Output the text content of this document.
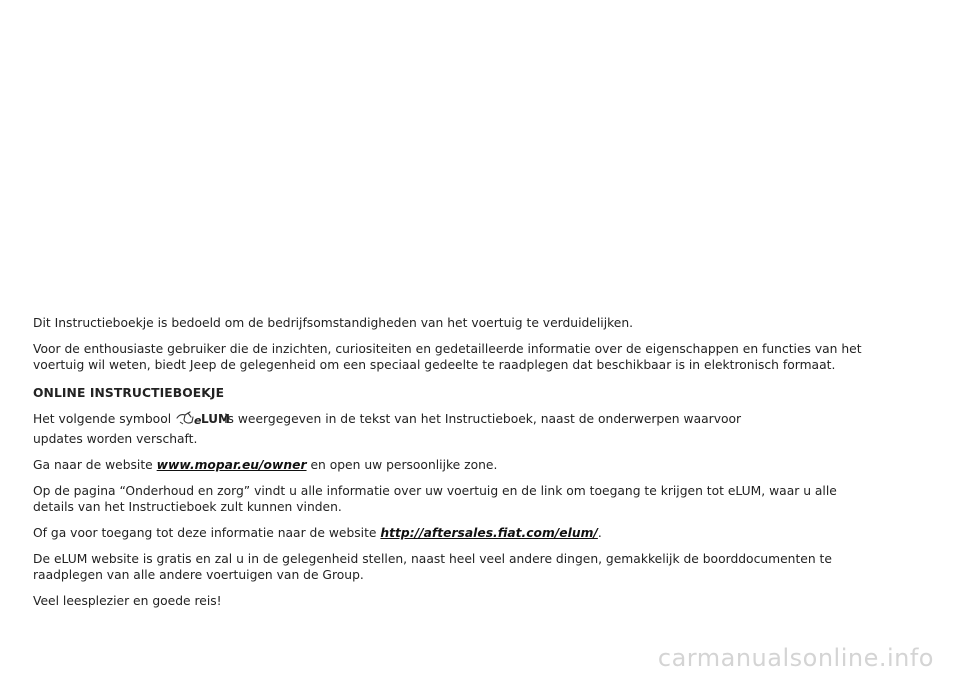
Dit Instructieboekje is bedoeld om de bedrijfsomstandigheden van het voertuig te verduidelijken.

Voor de enthousiaste gebruiker die de inzichten, curiositeiten en gedetailleerde informatie over de eigenschappen en functies van het voertuig wil weten, biedt Jeep de gelegenheid om een speciaal gedeelte te raadplegen dat beschikbaar is in elektronisch formaat.

ONLINE INSTRUCTIEBOEKJE

Het volgende symbool e LUM
is weergegeven in de tekst van het Instructieboek, naast de onderwerpen waarvoor updates worden verschaft.

Ga naar de website www.mopar.eu/owner en open uw persoonlijke zone.

Op de pagina “Onderhoud en zorg” vindt u alle informatie over uw voertuig en de link om toegang te krijgen tot eLUM, waar u alle details van het Instructieboek zult kunnen vinden.

Of ga voor toegang tot deze informatie naar de website http://aftersales.fiat.com/elum/.

De eLUM website is gratis en zal u in de gelegenheid stellen, naast heel veel andere dingen, gemakkelijk de boorddocumenten te raadplegen van alle andere voertuigen van de Group.

Veel leesplezier en goede reis!

carmanualsonline.info
